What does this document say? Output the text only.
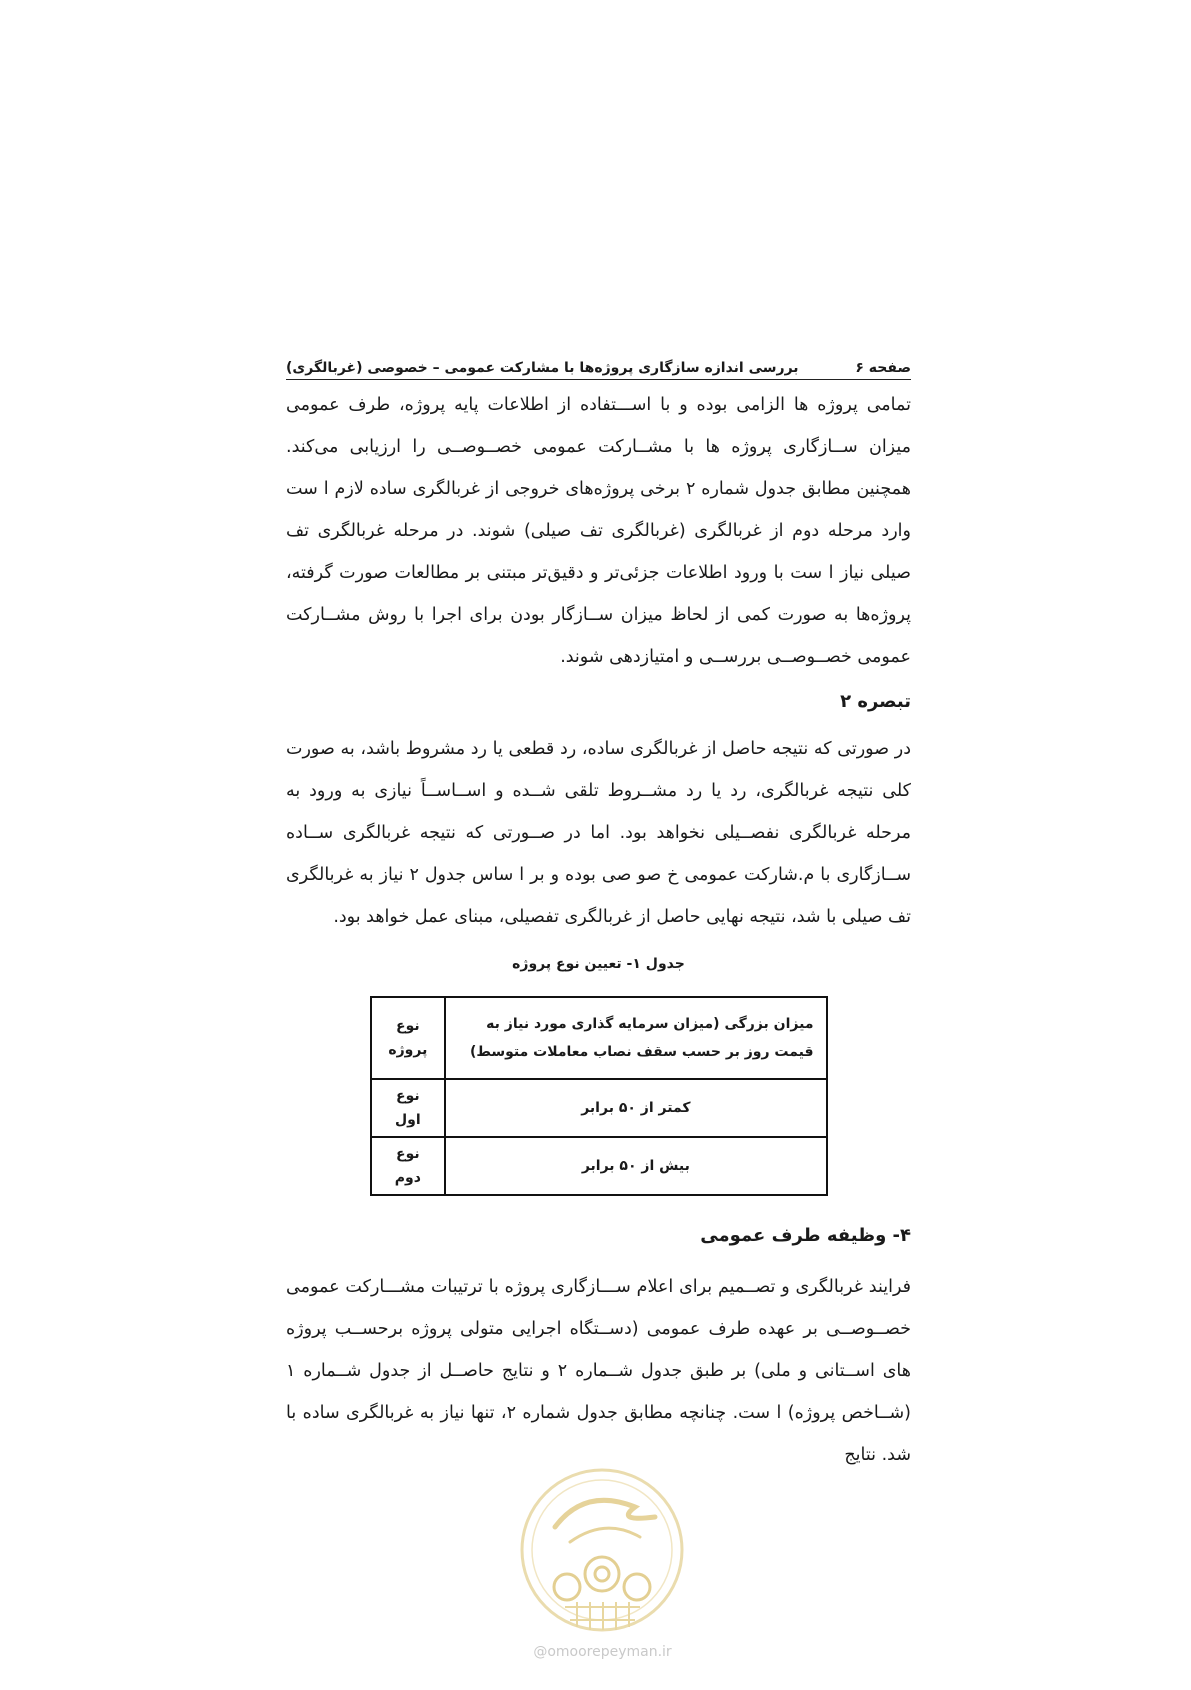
صفحه ۶
بررسی اندازه سازگاری پروژه‌ها با مشارکت عمومی – خصوصی (غربالگری)

تمامی پروژه ها الزامی بوده و با اســـتفاده از اطلاعات پایه پروژه، طرف عمومی میزان ســازگاری پروژه ها با مشــارکت عمومی خصــوصــی را ارزیابی می‌کند. همچنین مطابق جدول شماره ۲ برخی پروژه‌های خروجی از غربالگری ساده لازم ا ست وارد مرحله دوم از غربالگری (غربالگری تف صیلی) شوند. در مرحله غربالگری تف صیلی نیاز ا ست با ورود اطلاعات جزئی‌تر و دقیق‌تر مبتنی بر مطالعات صورت گرفته، پروژه‌ها به صورت کمی از لحاظ میزان ســازگار بودن برای اجرا با روش مشــارکت عمومی خصــوصــی بررســی و امتیازدهی شوند.

تبصره ۲

در صورتی که نتیجه حاصل از غربالگری ساده، رد قطعی یا رد مشروط باشد، به صورت کلی نتیجه غربالگری، رد یا رد مشــروط تلقی شــده و اســاســاً نیازی به ورود به مرحله غربالگری نفصــیلی نخواهد بود. اما در صــورتی که نتیجه غربالگری ســاده ســازگاری با م.شارکت عمومی خ صو صی بوده و بر ا ساس جدول ۲ نیاز به غربالگری تف صیلی با شد، نتیجه نهایی حاصل از غربالگری تفصیلی، مبنای عمل خواهد بود.

جدول ۱- تعیین نوع پروژه
میزان بزرگی (میزان سرمایه گذاری مورد نیاز به قیمت روز بر حسب سقف نصاب معاملات متوسط)	نوع پروژه
کمتر از ۵۰ برابر	نوع اول
بیش از ۵۰ برابر	نوع دوم

۴- وظیفه طرف عمومی

فرایند غربالگری و تصــمیم برای اعلام ســـازگاری پروژه با ترتیبات مشـــارکت عمومی خصــوصــی بر عهده طرف عمومی (دســتگاه اجرایی متولی پروژه برحســب پروژه های اســتانی و ملی) بر طبق جدول شــماره ۲ و نتایج حاصــل از جدول شــماره ۱ (شــاخص پروژه) ا ست. چنانچه مطابق جدول شماره ۲، تنها نیاز به غربالگری ساده با شد. نتایج

@omoorepeyman.ir
